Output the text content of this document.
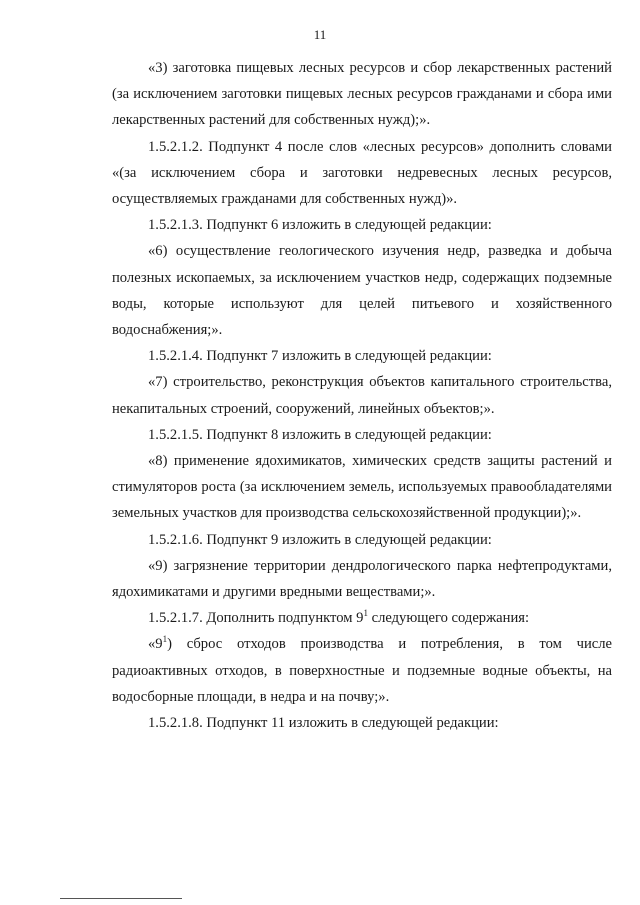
11

«3) заготовка пищевых лесных ресурсов и сбор лекарственных растений (за исключением заготовки пищевых лесных ресурсов гражданами и сбора ими лекарственных растений для собственных нужд);».

1.5.2.1.2. Подпункт 4 после слов «лесных ресурсов» дополнить словами «(за исключением сбора и заготовки недревесных лесных ресурсов, осуществляемых гражданами для собственных нужд)».

1.5.2.1.3. Подпункт 6 изложить в следующей редакции:

«6) осуществление геологического изучения недр, разведка и добыча полезных ископаемых, за исключением участков недр, содержащих подземные воды, которые используют для целей питьевого и хозяйственного водоснабжения;».

1.5.2.1.4. Подпункт 7 изложить в следующей редакции:

«7) строительство, реконструкция объектов капитального строительства, некапитальных строений, сооружений, линейных объектов;».

1.5.2.1.5. Подпункт 8 изложить в следующей редакции:

«8) применение ядохимикатов, химических средств защиты растений и стимуляторов роста (за исключением земель, используемых правообладателями земельных участков для производства сельскохозяйственной продукции);».

1.5.2.1.6. Подпункт 9 изложить в следующей редакции:

«9) загрязнение территории дендрологического парка нефтепродуктами, ядохимикатами и другими вредными веществами;».

1.5.2.1.7. Дополнить подпунктом $9^1$ следующего содержания:

«$9^1$) сброс отходов производства и потребления, в том числе радиоактивных отходов, в поверхностные и подземные водные объекты, на водосборные площади, в недра и на почву;».

1.5.2.1.8. Подпункт 11 изложить в следующей редакции:
